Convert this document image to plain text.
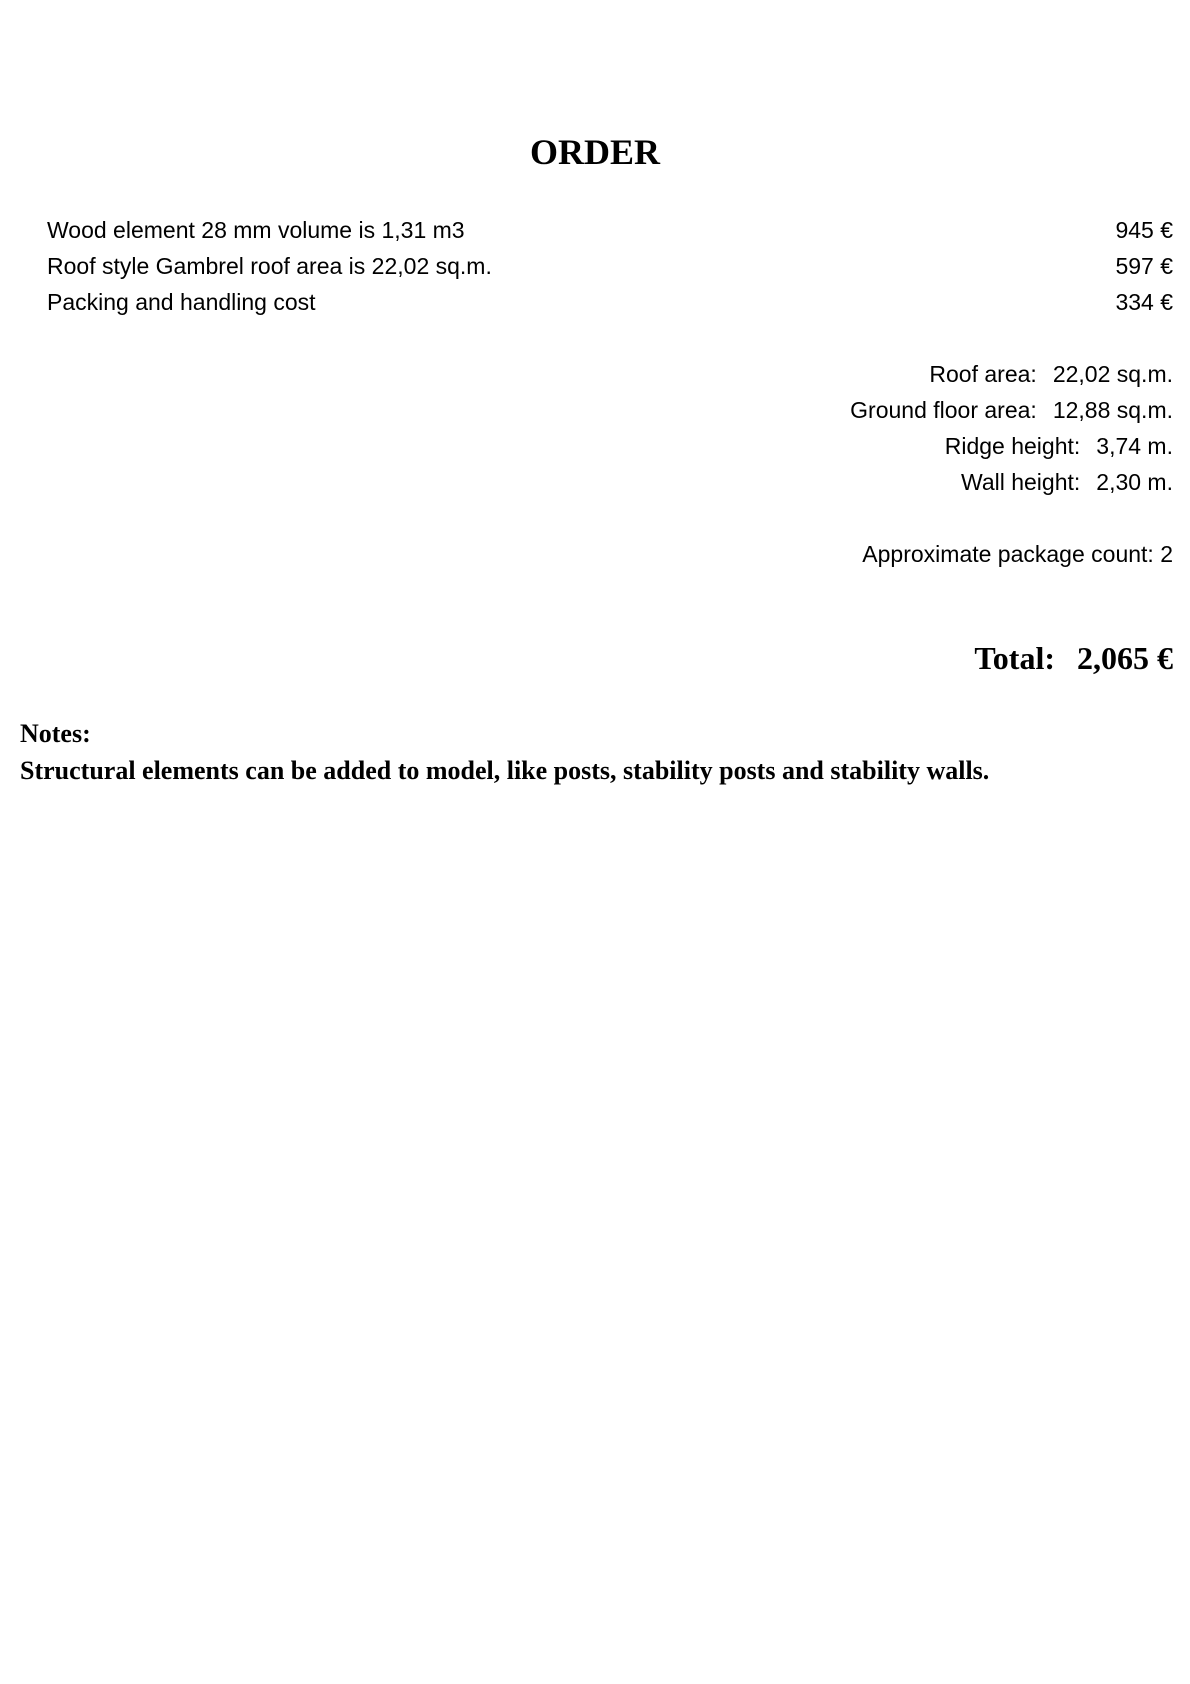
ORDER
Wood element 28 mm volume is 1,31 m3	945 €
Roof style Gambrel roof area is 22,02 sq.m.	597 €
Packing and handling cost	334 €
Roof area: 22,02 sq.m.
Ground floor area: 12,88 sq.m.
Ridge height: 3,74 m.
Wall height: 2,30 m.
Approximate package count: 2
Total: 2,065 €
Notes:
Structural elements can be added to model, like posts, stability posts and stability walls.
